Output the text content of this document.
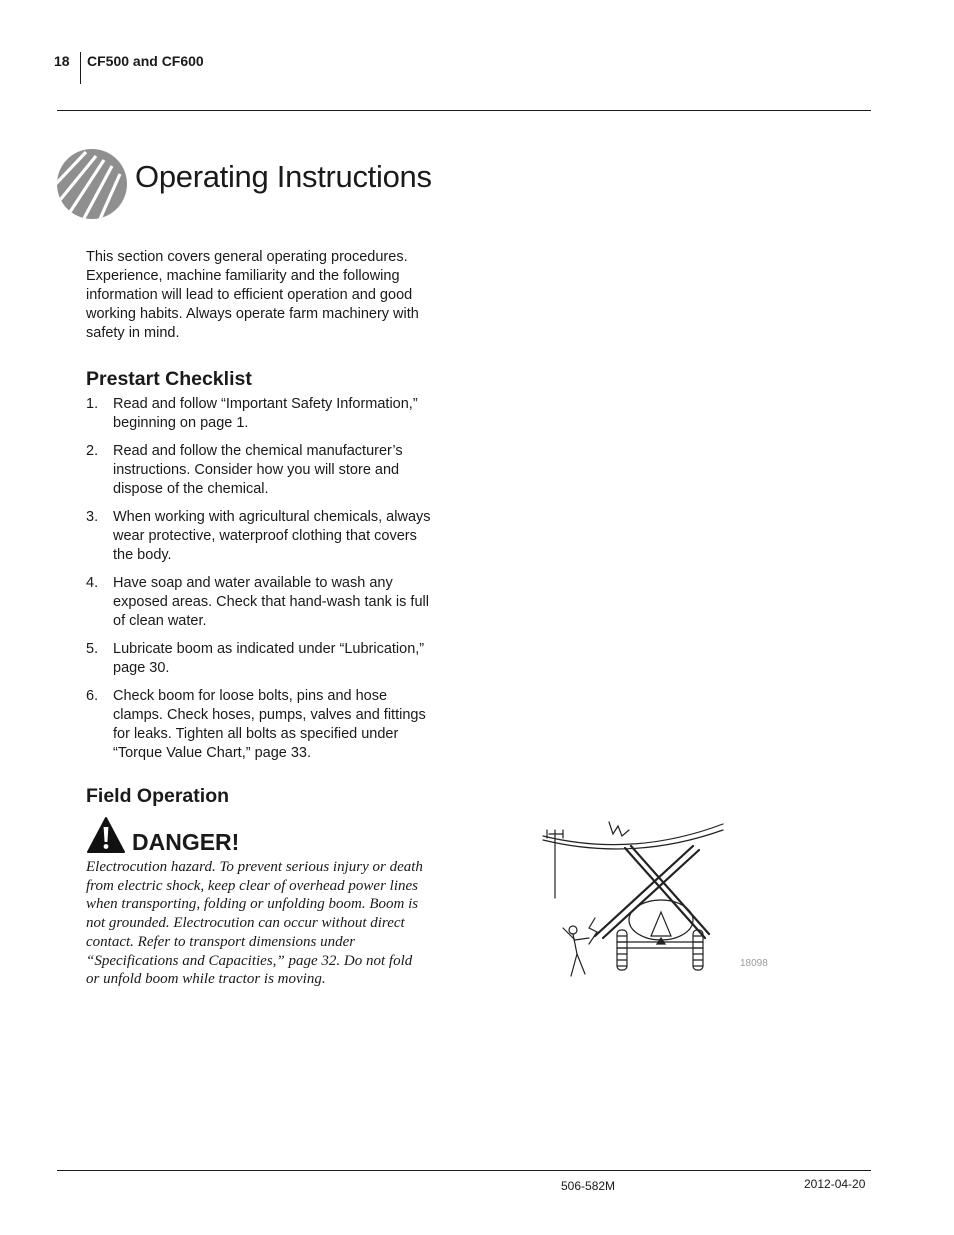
18 CF500 and CF600
Operating Instructions
This section covers general operating procedures. Experience, machine familiarity and the following information will lead to efficient operation and good working habits. Always operate farm machinery with safety in mind.
Prestart Checklist
1. Read and follow “Important Safety Information,” beginning on page 1.
2. Read and follow the chemical manufacturer’s instructions. Consider how you will store and dispose of the chemical.
3. When working with agricultural chemicals, always wear protective, waterproof clothing that covers the body.
4. Have soap and water available to wash any exposed areas. Check that hand-wash tank is full of clean water.
5. Lubricate boom as indicated under “Lubrication,” page 30.
6. Check boom for loose bolts, pins and hose clamps. Check hoses, pumps, valves and fittings for leaks. Tighten all bolts as specified under “Torque Value Chart,” page 33.
Field Operation
DANGER!
Electrocution hazard. To prevent serious injury or death from electric shock, keep clear of overhead power lines when transporting, folding or unfolding boom. Boom is not grounded. Electrocution can occur without direct contact. Refer to transport dimensions under “Specifications and Capacities,” page 32. Do not fold or unfold boom while tractor is moving.
18098
506-582M	2012-04-20
